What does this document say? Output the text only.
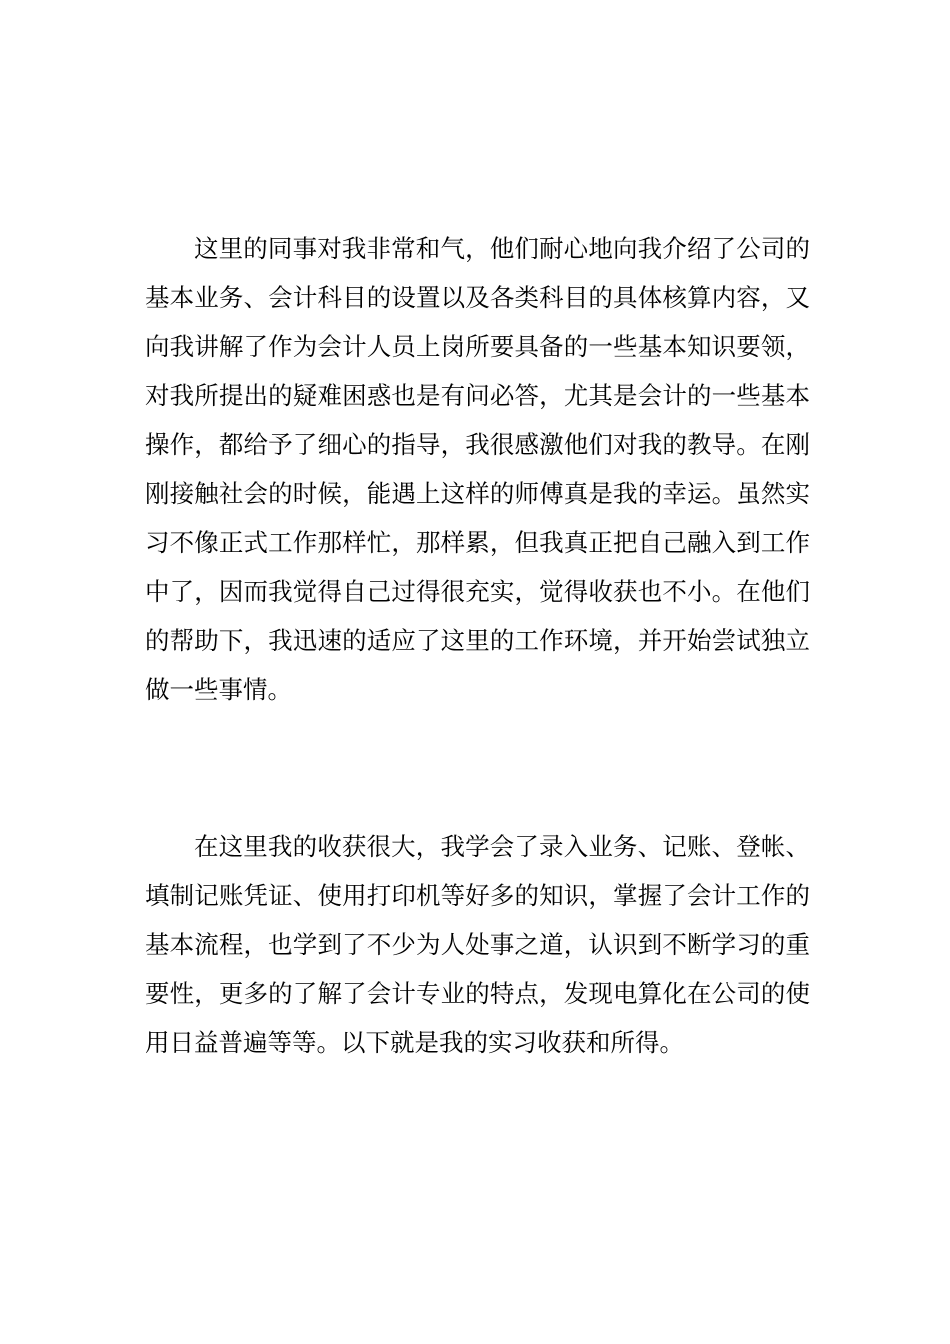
这里的同事对我非常和气，他们耐心地向我介绍了公司的基本业务、会计科目的设置以及各类科目的具体核算内容，又向我讲解了作为会计人员上岗所要具备的一些基本知识要领，对我所提出的疑难困惑也是有问必答，尤其是会计的一些基本操作，都给予了细心的指导，我很感激他们对我的教导。在刚刚接触社会的时候，能遇上这样的师傅真是我的幸运。虽然实习不像正式工作那样忙，那样累，但我真正把自己融入到工作中了，因而我觉得自己过得很充实，觉得收获也不小。在他们的帮助下，我迅速的适应了这里的工作环境，并开始尝试独立做一些事情。

在这里我的收获很大，我学会了录入业务、记账、登帐、填制记账凭证、使用打印机等好多的知识，掌握了会计工作的基本流程，也学到了不少为人处事之道，认识到不断学习的重要性，更多的了解了会计专业的特点，发现电算化在公司的使用日益普遍等等。以下就是我的实习收获和所得。
